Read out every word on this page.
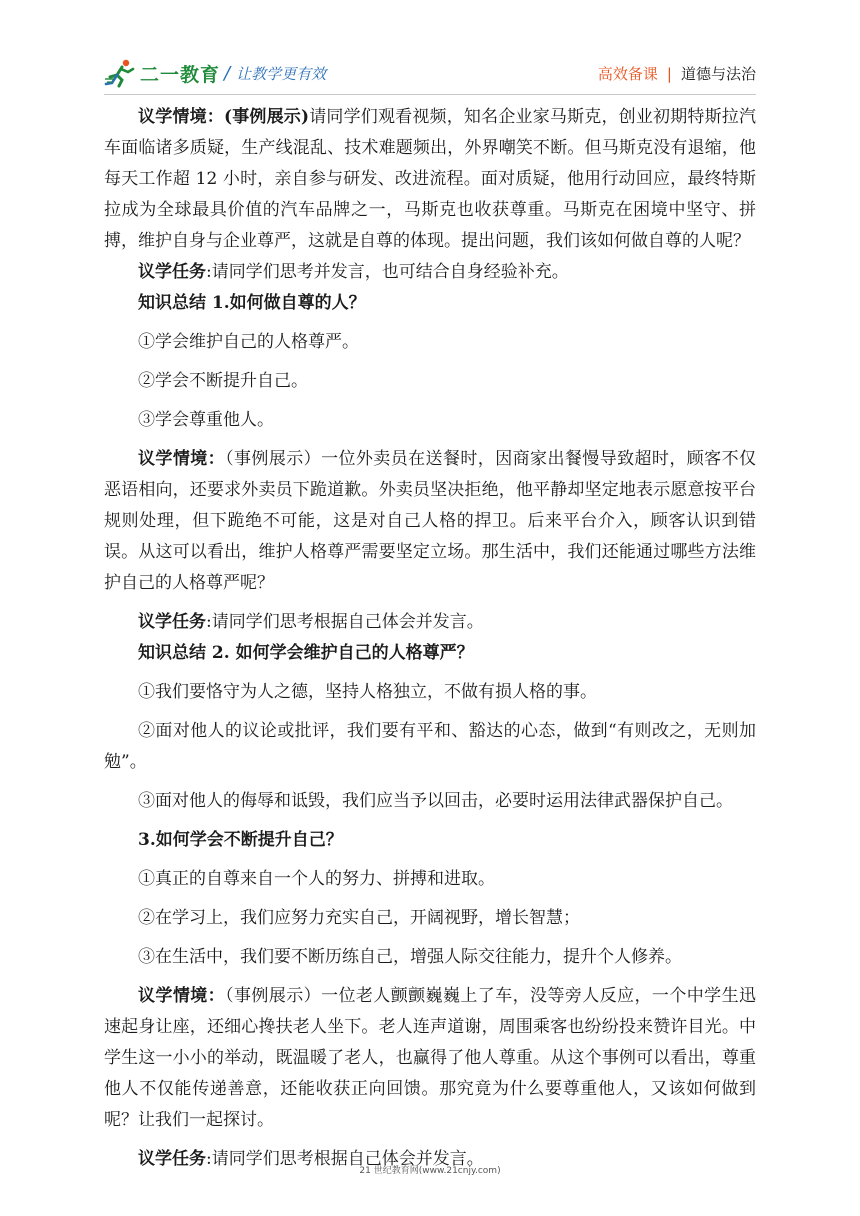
二一教育 / 让教学更有效	高效备课 | 道德与法治

议学情境：(事例展示)请同学们观看视频，知名企业家马斯克，创业初期特斯拉汽车面临诸多质疑，生产线混乱、技术难题频出，外界嘲笑不断。但马斯克没有退缩，他每天工作超 12 小时，亲自参与研发、改进流程。面对质疑，他用行动回应，最终特斯拉成为全球最具价值的汽车品牌之一，马斯克也收获尊重。马斯克在困境中坚守、拼搏，维护自身与企业尊严，这就是自尊的体现。提出问题，我们该如何做自尊的人呢？

议学任务:请同学们思考并发言，也可结合自身经验补充。

知识总结 1.如何做自尊的人？

①学会维护自己的人格尊严。

②学会不断提升自己。

③学会尊重他人。

议学情境：（事例展示）一位外卖员在送餐时，因商家出餐慢导致超时，顾客不仅恶语相向，还要求外卖员下跪道歉。外卖员坚决拒绝，他平静却坚定地表示愿意按平台规则处理，但下跪绝不可能，这是对自己人格的捍卫。后来平台介入，顾客认识到错误。从这可以看出，维护人格尊严需要坚定立场。那生活中，我们还能通过哪些方法维护自己的人格尊严呢？

议学任务:请同学们思考根据自己体会并发言。

知识总结 2. 如何学会维护自己的人格尊严？

①我们要恪守为人之德，坚持人格独立，不做有损人格的事。

②面对他人的议论或批评，我们要有平和、豁达的心态，做到“有则改之，无则加勉”。

③面对他人的侮辱和诋毁，我们应当予以回击，必要时运用法律武器保护自己。

3.如何学会不断提升自己？

①真正的自尊来自一个人的努力、拼搏和进取。

②在学习上，我们应努力充实自己，开阔视野，增长智慧；

③在生活中，我们要不断历练自己，增强人际交往能力，提升个人修养。

议学情境：（事例展示）一位老人颤颤巍巍上了车，没等旁人反应，一个中学生迅速起身让座，还细心搀扶老人坐下。老人连声道谢，周围乘客也纷纷投来赞许目光。中学生这一小小的举动，既温暖了老人，也赢得了他人尊重。从这个事例可以看出，尊重他人不仅能传递善意，还能收获正向回馈。那究竟为什么要尊重他人，又该如何做到呢？让我们一起探讨。

议学任务:请同学们思考根据自己体会并发言。

21 世纪教育网(www.21cnjy.com)
